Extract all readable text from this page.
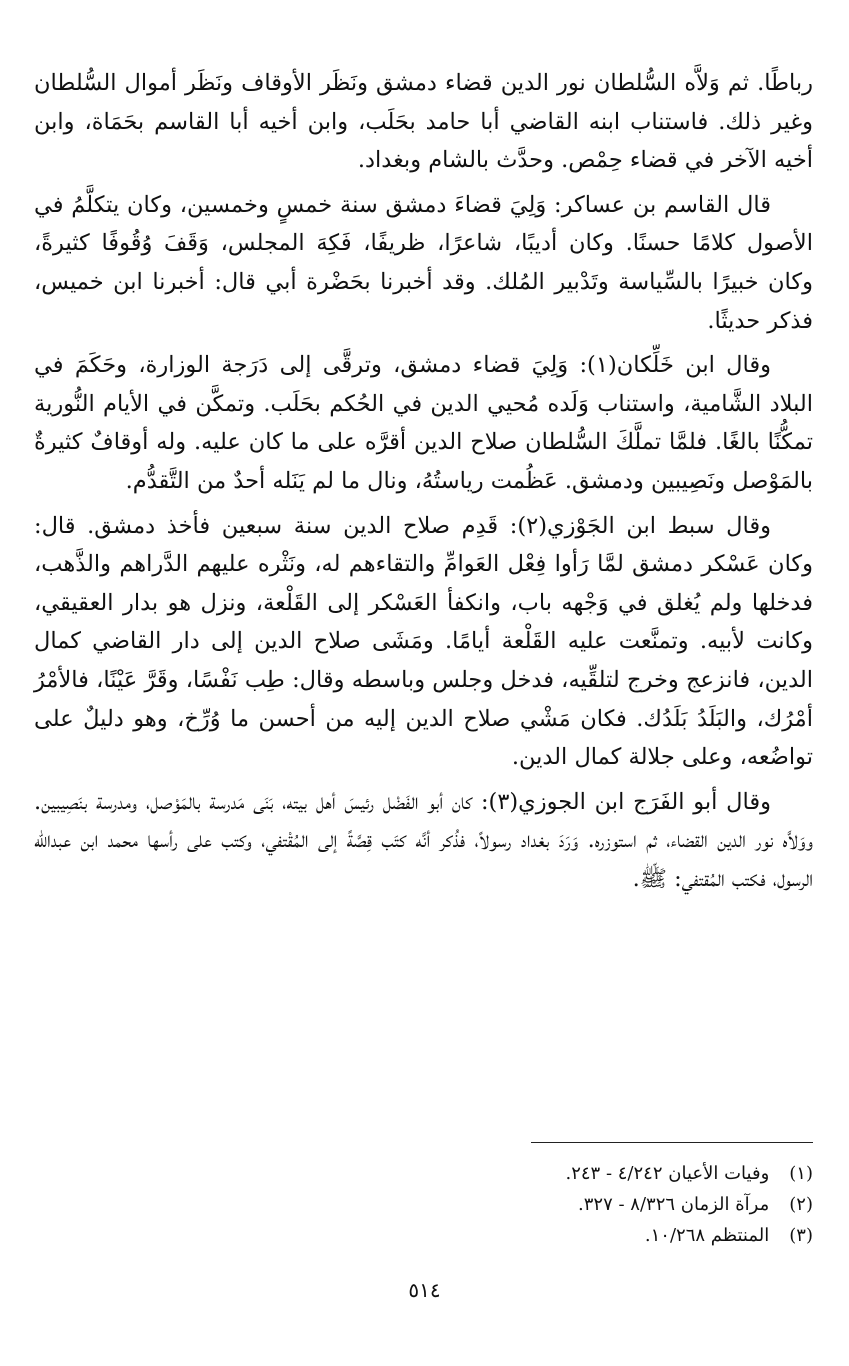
رباطًا. ثم وَلاَّه السُّلطان نور الدين قضاء دمشق ونَظَر الأوقاف ونَظَر أموال السُّلطان وغير ذلك. فاستناب ابنه القاضي أبا حامد بحَلَب، وابن أخيه أبا القاسم بحَمَاة، وابن أخيه الآخر في قضاء حِمْص. وحدَّث بالشام وبغداد.

قال القاسم بن عساكر: وَلِيَ قضاءَ دمشق سنة خمسٍ وخمسين، وكان يتكلَّمُ في الأصول كلامًا حسنًا. وكان أديبًا، شاعرًا، ظريفًا، فَكِهَ المجلس، وَقَفَ وُقُوفًا كثيرةً، وكان خبيرًا بالسِّياسة وتَدْبير المُلك. وقد أخبرنا بحَضْرة أبي قال: أخبرنا ابن خميس، فذكر حديثًا.

وقال ابن خَلِّكان(١): وَلِيَ قضاء دمشق، وترقَّى إلى دَرَجة الوزارة، وحَكَمَ في البلاد الشَّامية، واستناب وَلَده مُحيي الدين في الحُكم بحَلَب. وتمكَّن في الأيام النُّورية تمكُّنًا بالغًا. فلمَّا تملَّكَ السُّلطان صلاح الدين أقرَّه على ما كان عليه. وله أوقافٌ كثيرةٌ بالمَوْصل ونَصِيبين ودمشق. عَظُمت رياستُهُ، ونال ما لم يَنَله أحدٌ من التَّقدُّم.

وقال سبط ابن الجَوْزي(٢): قَدِم صلاح الدين سنة سبعين فأخذ دمشق. قال: وكان عَسْكر دمشق لمَّا رَأوا فِعْل العَوامِّ والتقاءهم له، ونَثْره عليهم الدَّراهم والذَّهب، فدخلها ولم يُغلق في وَجْهه باب، وانكفأ العَسْكر إلى القَلْعة، ونزل هو بدار العقيقي، وكانت لأبيه. وتمنَّعت عليه القَلْعة أيامًا. ومَشَى صلاح الدين إلى دار القاضي كمال الدين، فانزعج وخرج لتلقِّيه، فدخل وجلس وباسطه وقال: طِب نَفْسًا، وقَرَّ عَيْنًا، فالأمْرُ أمْرُك، والبَلَدُ بَلَدُك. فكان مَشْي صلاح الدين إليه من أحسن ما وُرِّخ، وهو دليلٌ على تواضُعه، وعلى جلالة كمال الدين.

وقال أبو الفَرَج ابن الجوزي(٣): كان أبو الفَضْل رئيسَ أهل بيته، بَنَى مَدرسة بالمَوْصل، ومدرسة بنَصِيبين. ووَلاَّه نور الدين القضاء، ثم استوزره. وَرَدَ بغداد رسولاً، فذُكر أنَّه كتَب قِصَّةً إلى المُقْتفي، وكتب على رأسها محمد ابن عبدالله الرسول، فكتب المُقتفي: ﷺ.

(١) وفيات الأعيان ٤/٢٤٢ - ٢٤٣.

(٢) مرآة الزمان ٨/٣٢٦ - ٣٢٧.

(٣) المنتظم ١٠/٢٦٨.

٥١٤
